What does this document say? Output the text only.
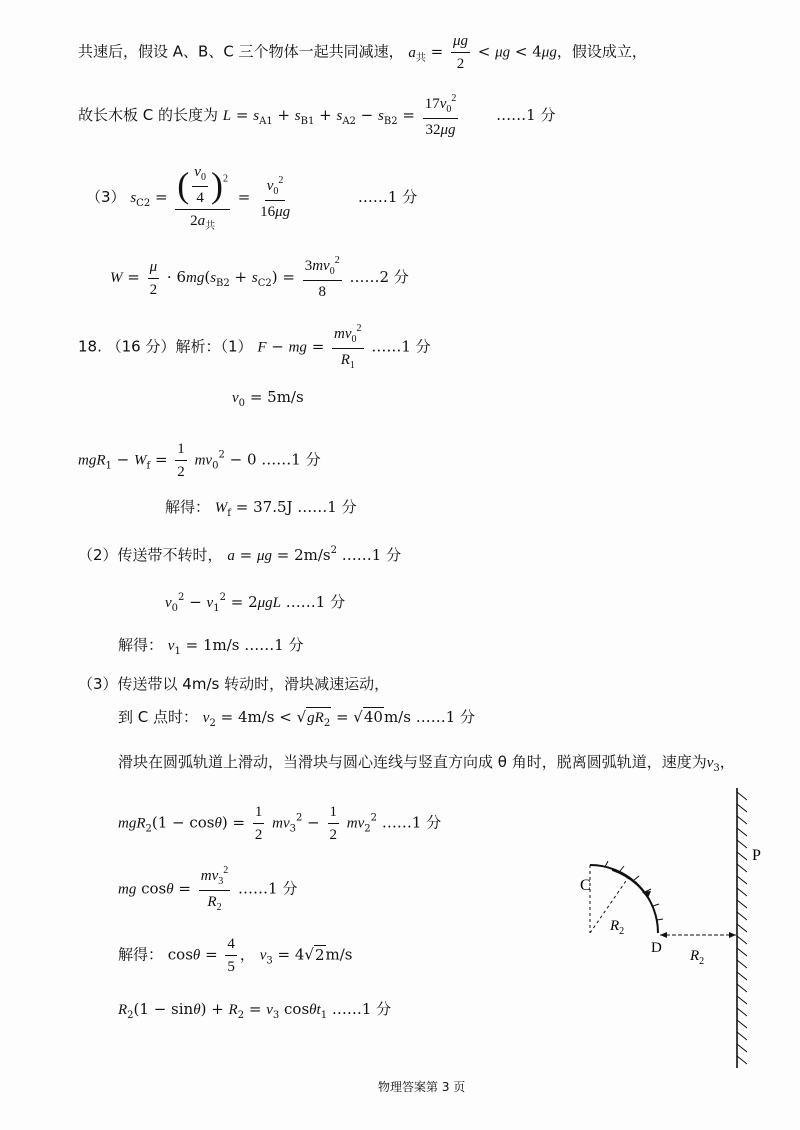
共速后，假设 A、B、C 三个物体一起共同减速， $a_共 = \frac{\mu g}{2} < \mu g < 4\mu g$，假设成立，
故长木板 C 的长度为 $L = s_{A1} + s_{B1} + s_{A2} - s_{B2} = \frac{17v_0^2}{32\mu g}$	……1 分
（3） $s_{C2} = \frac{( \frac{v_0}{4} )^2}{2a_共} = \frac{v_0^2}{16\mu g}$	……1 分
$W = \frac{\mu}{2} \cdot 6mg(s_{B2} + s_{C2}) = \frac{3mv_0^2}{8}$ ……2 分
18. （16 分）解析：（1） F − mg = $\frac{mv_0^2}{R_1}$ ……1 分
$v_0 = 5m/s$
$mgR_1 - W_f = \frac{1}{2} mv_0^2 - 0$ ……1 分
解得： $W_f = 37.5J$ ……1 分
（2）传送带不转时， $a = \mu g = 2m/s^2$ ……1 分
$v_0^2 - v_1^2 = 2\mu gL$ ……1 分
解得： $v_1 = 1m/s$ ……1 分
（3）传送带以 4m/s 转动时，滑块减速运动，
到 C 点时： $v_2 = 4m/s < √gR_2 = √40m/s$ ……1 分
滑块在圆弧轨道上滑动，当滑块与圆心连线与竖直方向成 θ 角时，脱离圆弧轨道，速度为$v_3$，
$mgR_2(1 - \cos\theta) = \frac{1}{2} mv_3^2 - \frac{1}{2} mv_2^2$ ……1 分
mg $\cos\theta = \frac{mv_3^2}{R_2}$ ……1 分
解得： $\cos\theta = \frac{4}{5}$ ， $v_3 = 4√2m/s$
$R_2(1 - \sin\theta) + R_2 = v_3$ cosθt$_1$ ……1 分
P
C
$R_2$
D $R_2$
物理答案第 3 页
